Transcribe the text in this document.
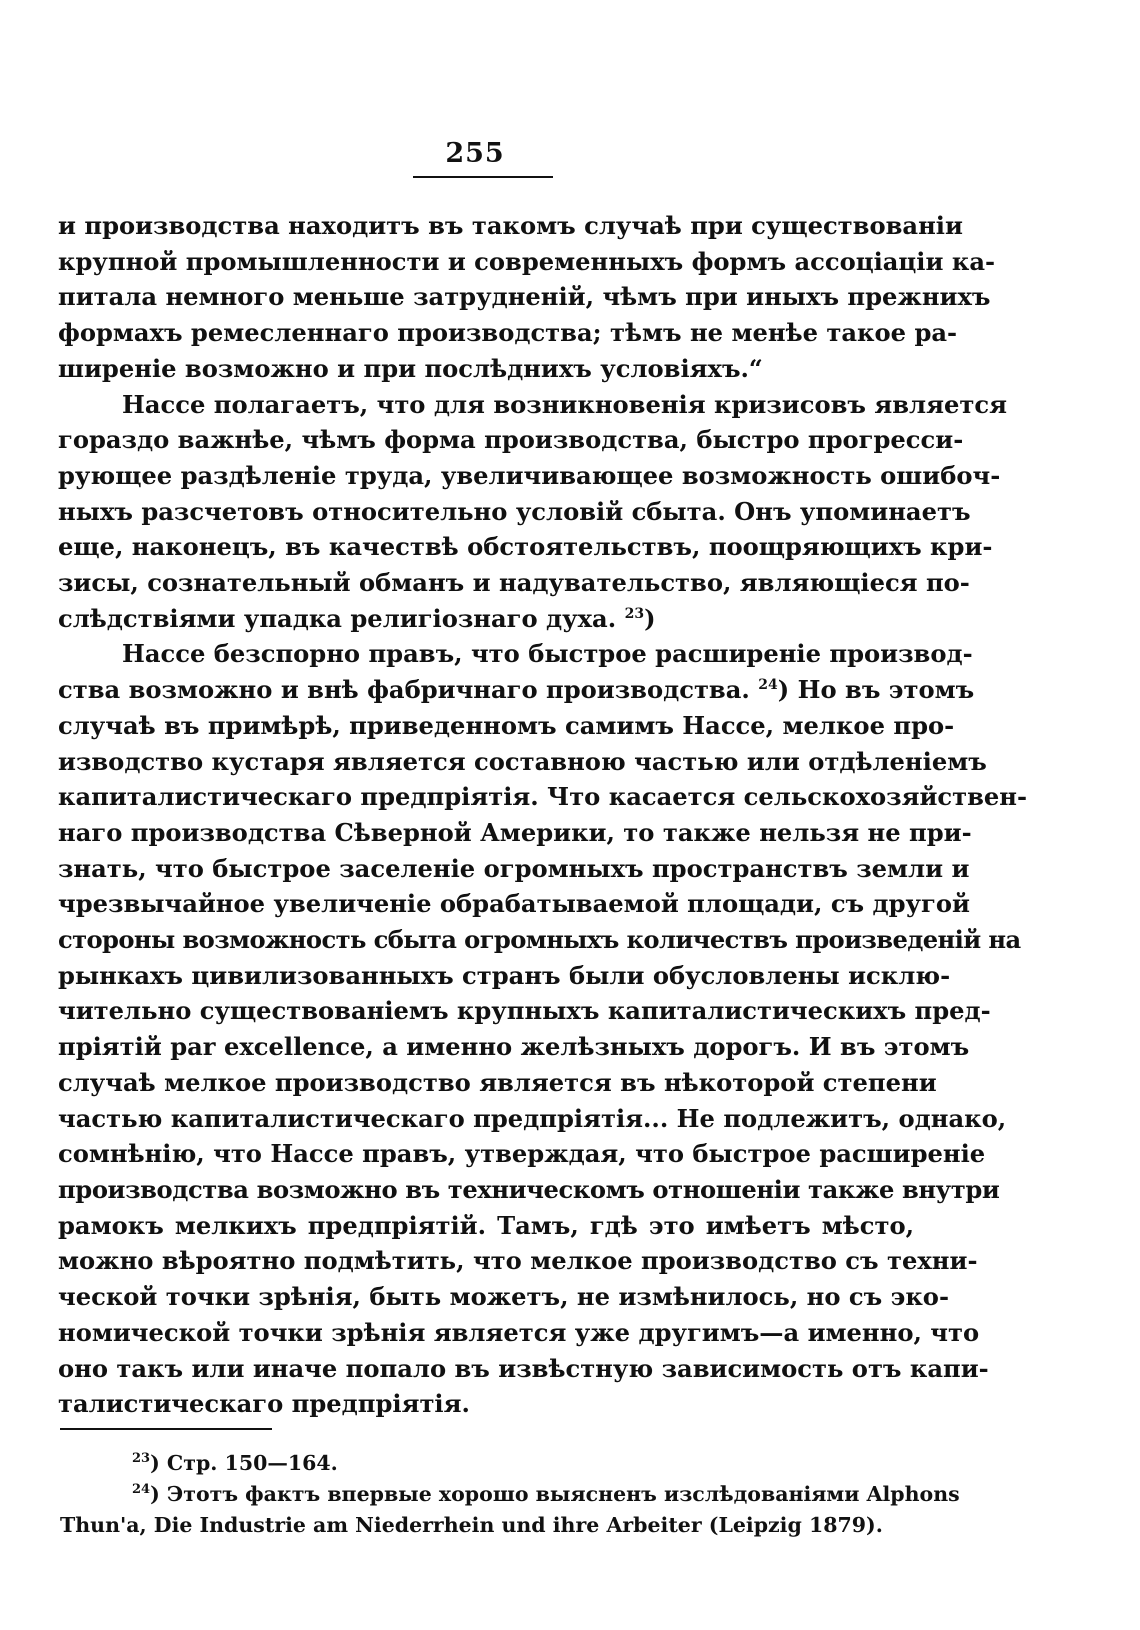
255
и производства находитъ въ такомъ случаѣ при существованіи
крупной промышленности и современныхъ формъ ассоціаціи ка-
питала немного меньше затрудненій, чѣмъ при иныхъ прежнихъ
формахъ ремесленнаго производства; тѣмъ не менѣе такое ра-
ширеніе возможно и при послѣднихъ условіяхъ.“
Нассе полагаетъ, что для возникновенія кризисовъ является
гораздо важнѣе, чѣмъ форма производства, быстро прогресси-
рующее раздѣленіе труда, увеличивающее возможность ошибоч-
ныхъ разсчетовъ относительно условій сбыта. Онъ упоминаетъ
еще, наконецъ, въ качествѣ обстоятельствъ, поощряющихъ кри-
зисы, сознательный обманъ и надувательство, являющіеся по-
слѣдствіями упадка религіознаго духа. $^{23}$)
Нассе безспорно правъ, что быстрое расширеніе производ-
ства возможно и внѣ фабричнаго производства. $^{24}$) Но въ этомъ
случаѣ въ примѣрѣ, приведенномъ самимъ Нассе, мелкое про-
изводство кустаря является составною частью или отдѣленіемъ
капиталистическаго предпріятія. Что касается сельскохозяйствен-
наго производства Сѣверной Америки, то также нельзя не при-
знать, что быстрое заселеніе огромныхъ пространствъ земли и
чрезвычайное увеличеніе обрабатываемой площади, съ другой
стороны возможность сбыта огромныхъ количествъ произведеній на
рынкахъ цивилизованныхъ странъ были обусловлены исклю-
чительно существованіемъ крупныхъ капиталистическихъ пред-
пріятій par excellence, а именно желѣзныхъ дорогъ. И въ этомъ
случаѣ мелкое производство является въ нѣкоторой степени
частью капиталистическаго предпріятія... Не подлежитъ, однако,
сомнѣнію, что Нассе правъ, утверждая, что быстрое расширеніе
производства возможно въ техническомъ отношеніи также внутри
рамокъ мелкихъ предпріятій. Тамъ, гдѣ это имѣетъ мѣсто,
можно вѣроятно подмѣтить, что мелкое производство съ техни-
ческой точки зрѣнія, быть можетъ, не измѣнилось, но съ эко-
номической точки зрѣнія является уже другимъ—а именно, что
оно такъ или иначе попало въ извѣстную зависимость отъ капи-
талистическаго предпріятія.
$^{23}$) Стр. 150—164.
$^{24}$) Этотъ фактъ впервые хорошо выясненъ изслѣдованіями Alphons
Thun'a, Die Industrie am Niederrhein und ihre Arbeiter (Leipzig 1879).
